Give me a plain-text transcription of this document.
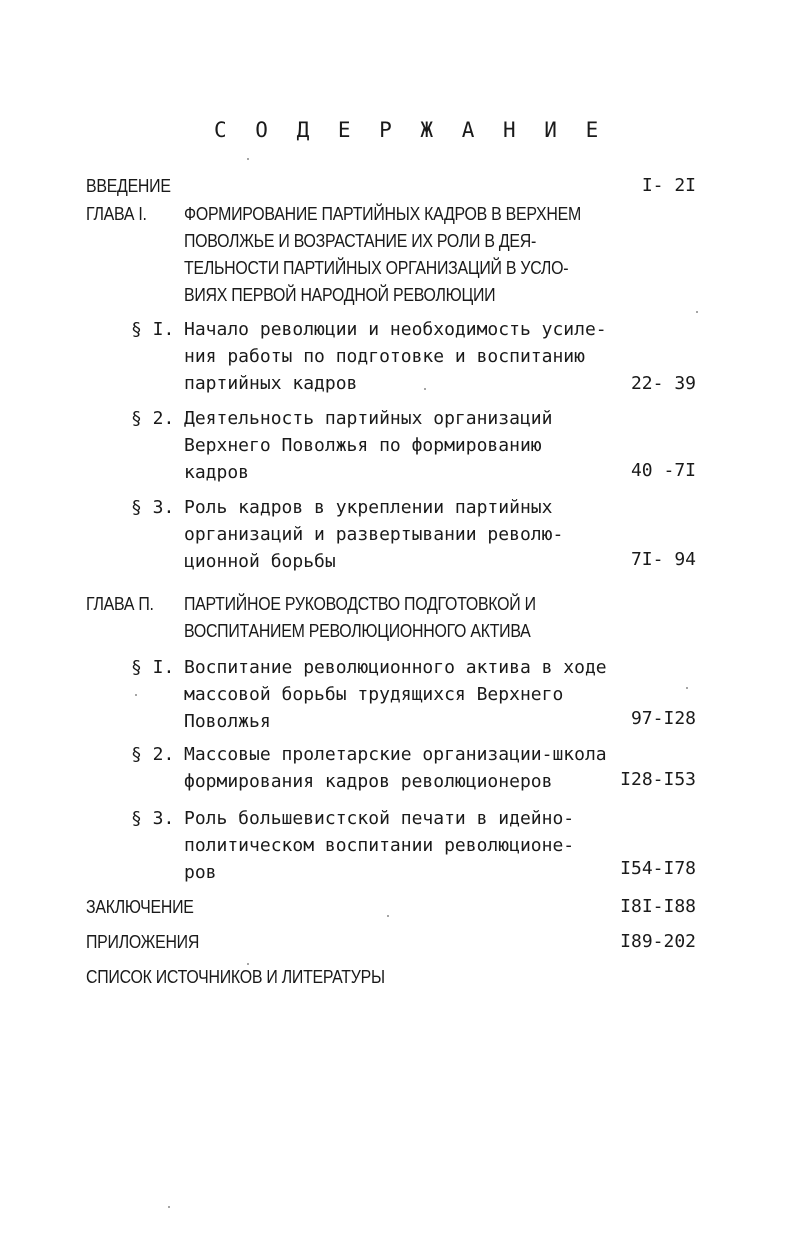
С О Д Е Р Ж А Н И Е
ВВЕДЕНИЕ	I- 2I
ГЛАВА I. ФОРМИРОВАНИЕ ПАРТИЙНЫХ КАДРОВ В ВЕРХНЕМ
ПОВОЛЖЬЕ И ВОЗРАСТАНИЕ ИХ РОЛИ В ДЕЯ-
ТЕЛЬНОСТИ ПАРТИЙНЫХ ОРГАНИЗАЦИЙ В УСЛО-
ВИЯХ ПЕРВОЙ НАРОДНОЙ РЕВОЛЮЦИИ
§ I. Начало революции и необходимость усиле-
ния работы по подготовке и воспитанию
партийных кадров	22- 39
§ 2. Деятельность партийных организаций
Верхнего Поволжья по формированию
кадров	40 -7I
§ 3. Роль кадров в укреплении партийных
организаций и развертывании револю-
ционной борьбы	7I- 94
ГЛАВА П. ПАРТИЙНОЕ РУКОВОДСТВО ПОДГОТОВКОЙ И
ВОСПИТАНИЕМ РЕВОЛЮЦИОННОГО АКТИВА
§ I. Воспитание революционного актива в ходе
массовой борьбы трудящихся Верхнего
Поволжья	97-I28
§ 2. Массовые пролетарские организации-школа
формирования кадров революционеров	I28-I53
§ 3. Роль большевистской печати в идейно-
политическом воспитании революционе-
ров	I54-I78
ЗАКЛЮЧЕНИЕ	I8I-I88
ПРИЛОЖЕНИЯ	I89-202
СПИСОК ИСТОЧНИКОВ И ЛИТЕРАТУРЫ
